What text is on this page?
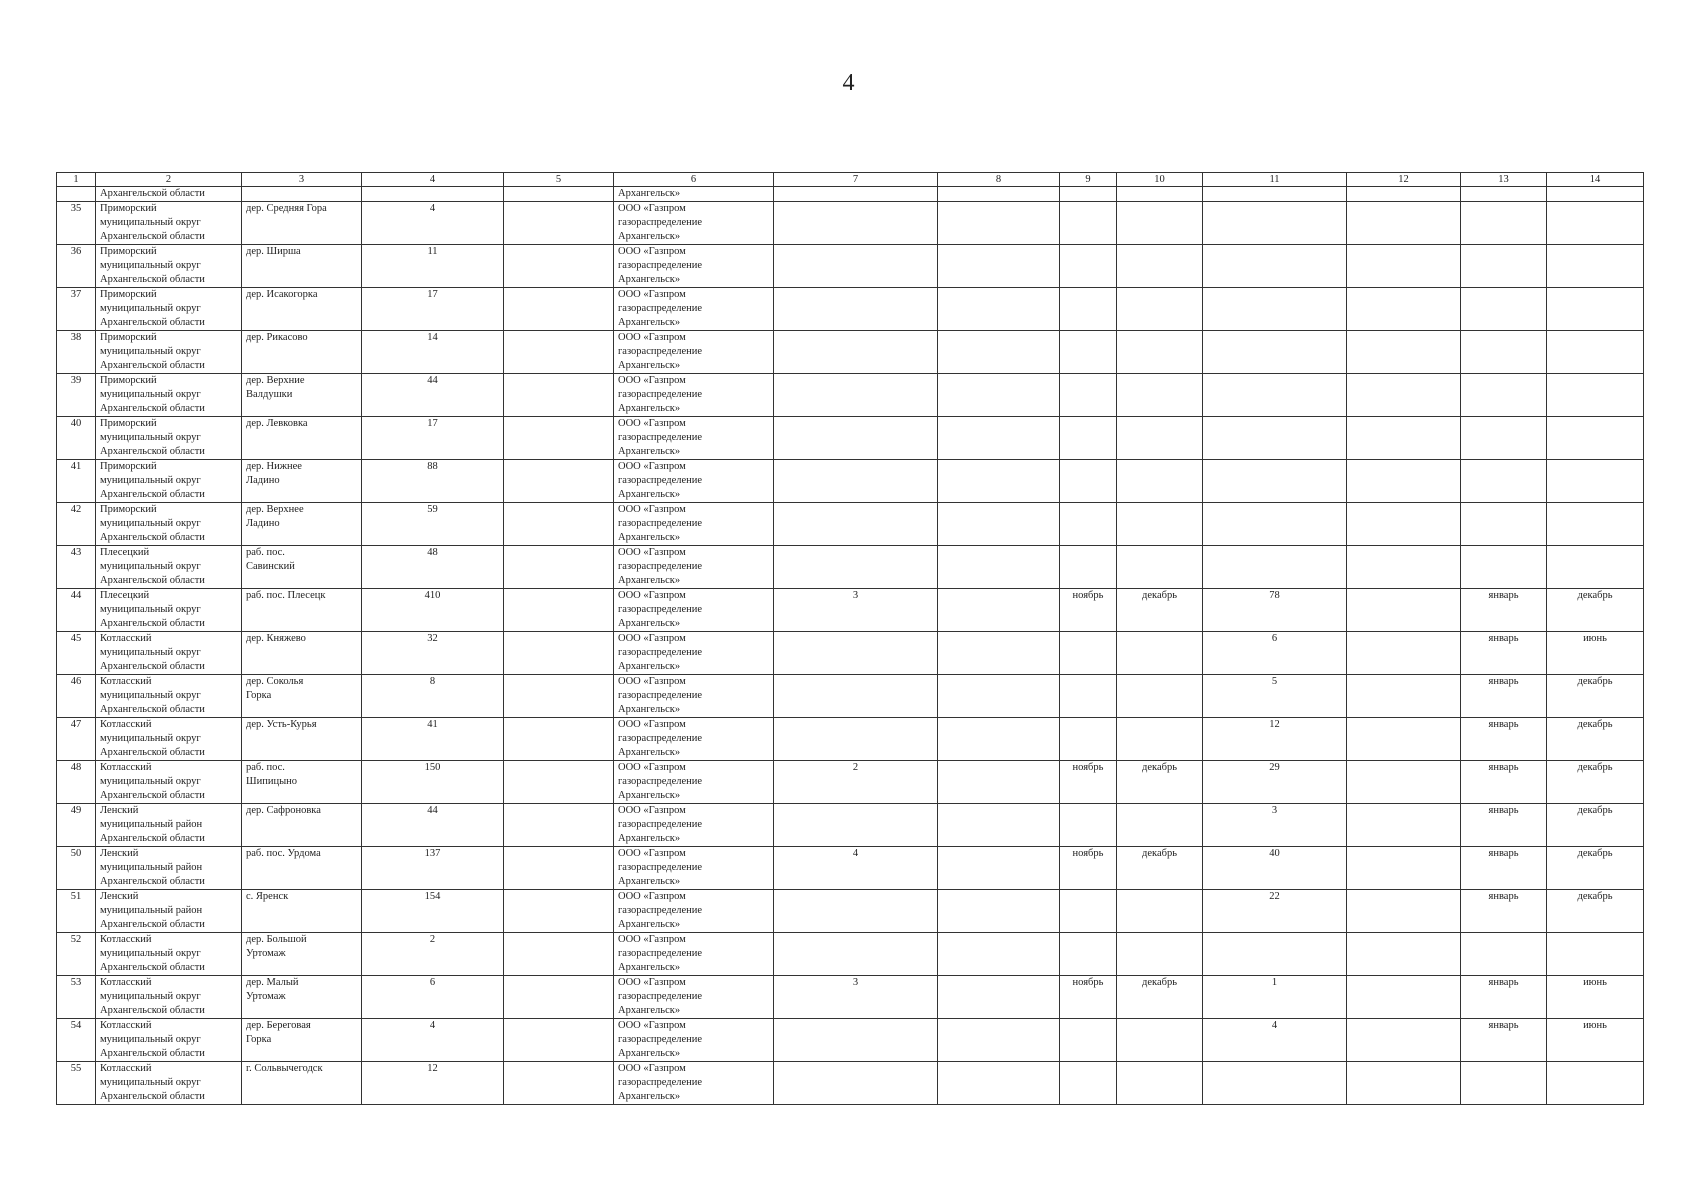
4
1	2	3	4	5	6	7	8	9	10	11	12	13	14
	Архангельской области				Архангельск»								
35	Приморский
муниципальный округ
Архангельской области	дер. Средняя Гора	4		ООО «Газпром
газораспределение
Архангельск»								
36	Приморский
муниципальный округ
Архангельской области	дер. Ширша	11		ООО «Газпром
газораспределение
Архангельск»								
37	Приморский
муниципальный округ
Архангельской области	дер. Исакогорка	17		ООО «Газпром
газораспределение
Архангельск»								
38	Приморский
муниципальный округ
Архангельской области	дер. Рикасово	14		ООО «Газпром
газораспределение
Архангельск»								
39	Приморский
муниципальный округ
Архангельской области	дер. Верхние
Валдушки	44		ООО «Газпром
газораспределение
Архангельск»								
40	Приморский
муниципальный округ
Архангельской области	дер. Левковка	17		ООО «Газпром
газораспределение
Архангельск»								
41	Приморский
муниципальный округ
Архангельской области	дер. Нижнее
Ладино	88		ООО «Газпром
газораспределение
Архангельск»								
42	Приморский
муниципальный округ
Архангельской области	дер. Верхнее
Ладино	59		ООО «Газпром
газораспределение
Архангельск»								
43	Плесецкий
муниципальный округ
Архангельской области	раб. пос.
Савинский	48		ООО «Газпром
газораспределение
Архангельск»								
44	Плесецкий
муниципальный округ
Архангельской области	раб. пос. Плесецк	410		ООО «Газпром
газораспределение
Архангельск»	3		ноябрь	декабрь	78		январь	декабрь
45	Котласский
муниципальный округ
Архангельской области	дер. Княжево	32		ООО «Газпром
газораспределение
Архангельск»					6		январь	июнь
46	Котласский
муниципальный округ
Архангельской области	дер. Соколья
Горка	8		ООО «Газпром
газораспределение
Архангельск»					5		январь	декабрь
47	Котласский
муниципальный округ
Архангельской области	дер. Усть-Курья	41		ООО «Газпром
газораспределение
Архангельск»					12		январь	декабрь
48	Котласский
муниципальный округ
Архангельской области	раб. пос.
Шипицыно	150		ООО «Газпром
газораспределение
Архангельск»	2		ноябрь	декабрь	29		январь	декабрь
49	Ленский
муниципальный район
Архангельской области	дер. Сафроновка	44		ООО «Газпром
газораспределение
Архангельск»					3		январь	декабрь
50	Ленский
муниципальный район
Архангельской области	раб. пос. Урдома	137		ООО «Газпром
газораспределение
Архангельск»	4		ноябрь	декабрь	40		январь	декабрь
51	Ленский
муниципальный район
Архангельской области	с. Яренск	154		ООО «Газпром
газораспределение
Архангельск»					22		январь	декабрь
52	Котласский
муниципальный округ
Архангельской области	дер. Большой
Уртомаж	2		ООО «Газпром
газораспределение
Архангельск»								
53	Котласский
муниципальный округ
Архангельской области	дер. Малый
Уртомаж	6		ООО «Газпром
газораспределение
Архангельск»	3		ноябрь	декабрь	1		январь	июнь
54	Котласский
муниципальный округ
Архангельской области	дер. Береговая
Горка	4		ООО «Газпром
газораспределение
Архангельск»					4		январь	июнь
55	Котласский
муниципальный округ
Архангельской области	г. Сольвычегодск	12		ООО «Газпром
газораспределение
Архангельск»								
